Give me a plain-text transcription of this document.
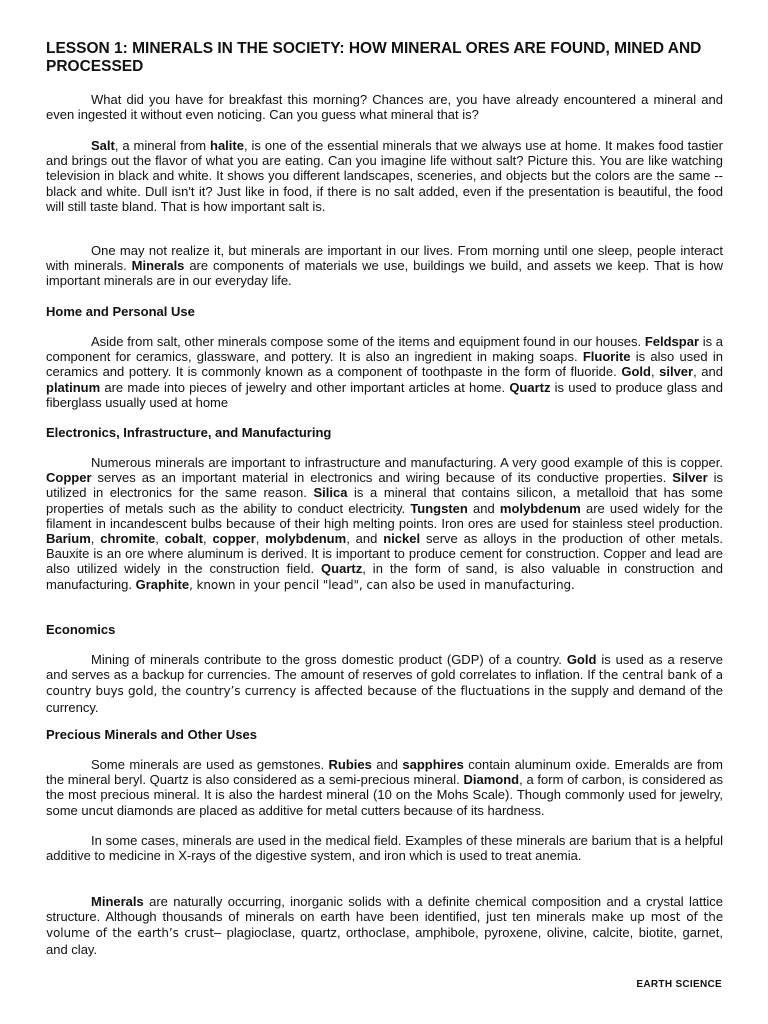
LESSON 1: MINERALS IN THE SOCIETY: HOW MINERAL ORES ARE FOUND, MINED AND PROCESSED

What did you have for breakfast this morning? Chances are, you have already encountered a mineral and even ingested it without even noticing. Can you guess what mineral that is?

Salt, a mineral from halite, is one of the essential minerals that we always use at home. It makes food tastier and brings out the flavor of what you are eating. Can you imagine life without salt? Picture this. You are like watching television in black and white. It shows you different landscapes, sceneries, and objects but the colors are the same -- black and white. Dull isn't it? Just like in food, if there is no salt added, even if the presentation is beautiful, the food will still taste bland. That is how important salt is.

One may not realize it, but minerals are important in our lives. From morning until one sleep, people interact with minerals. Minerals are components of materials we use, buildings we build, and assets we keep. That is how important minerals are in our everyday life.

Home and Personal Use

Aside from salt, other minerals compose some of the items and equipment found in our houses. Feldspar is a component for ceramics, glassware, and pottery. It is also an ingredient in making soaps. Fluorite is also used in ceramics and pottery. It is commonly known as a component of toothpaste in the form of fluoride. Gold, silver, and platinum are made into pieces of jewelry and other important articles at home. Quartz is used to produce glass and fiberglass usually used at home

Electronics, Infrastructure, and Manufacturing

Numerous minerals are important to infrastructure and manufacturing. A very good example of this is copper. Copper serves as an important material in electronics and wiring because of its conductive properties. Silver is utilized in electronics for the same reason. Silica is a mineral that contains silicon, a metalloid that has some properties of metals such as the ability to conduct electricity. Tungsten and molybdenum are used widely for the filament in incandescent bulbs because of their high melting points. Iron ores are used for stainless steel production. Barium, chromite, cobalt, copper, molybdenum, and nickel serve as alloys in the production of other metals. Bauxite is an ore where aluminum is derived. It is important to produce cement for construction. Copper and lead are also utilized widely in the construction field. Quartz, in the form of sand, is also valuable in construction and manufacturing. Graphite, known in your pencil "lead", can also be used in manufacturing.

Economics

Mining of minerals contribute to the gross domestic product (GDP) of a country. Gold is used as a reserve and serves as a backup for currencies. The amount of reserves of gold correlates to inflation. If the central bank of a country buys gold, the country’s currency is affected because of the fluctuations in the supply and demand of the currency.

Precious Minerals and Other Uses

Some minerals are used as gemstones. Rubies and sapphires contain aluminum oxide. Emeralds are from the mineral beryl. Quartz is also considered as a semi-precious mineral. Diamond, a form of carbon, is considered as the most precious mineral. It is also the hardest mineral (10 on the Mohs Scale). Though commonly used for jewelry, some uncut diamonds are placed as additive for metal cutters because of its hardness.

In some cases, minerals are used in the medical field. Examples of these minerals are barium that is a helpful additive to medicine in X-rays of the digestive system, and iron which is used to treat anemia.

Minerals are naturally occurring, inorganic solids with a definite chemical composition and a crystal lattice structure. Although thousands of minerals on earth have been identified, just ten minerals make up most of the volume of the earth’s crust– plagioclase, quartz, orthoclase, amphibole, pyroxene, olivine, calcite, biotite, garnet, and clay.

EARTH SCIENCE
